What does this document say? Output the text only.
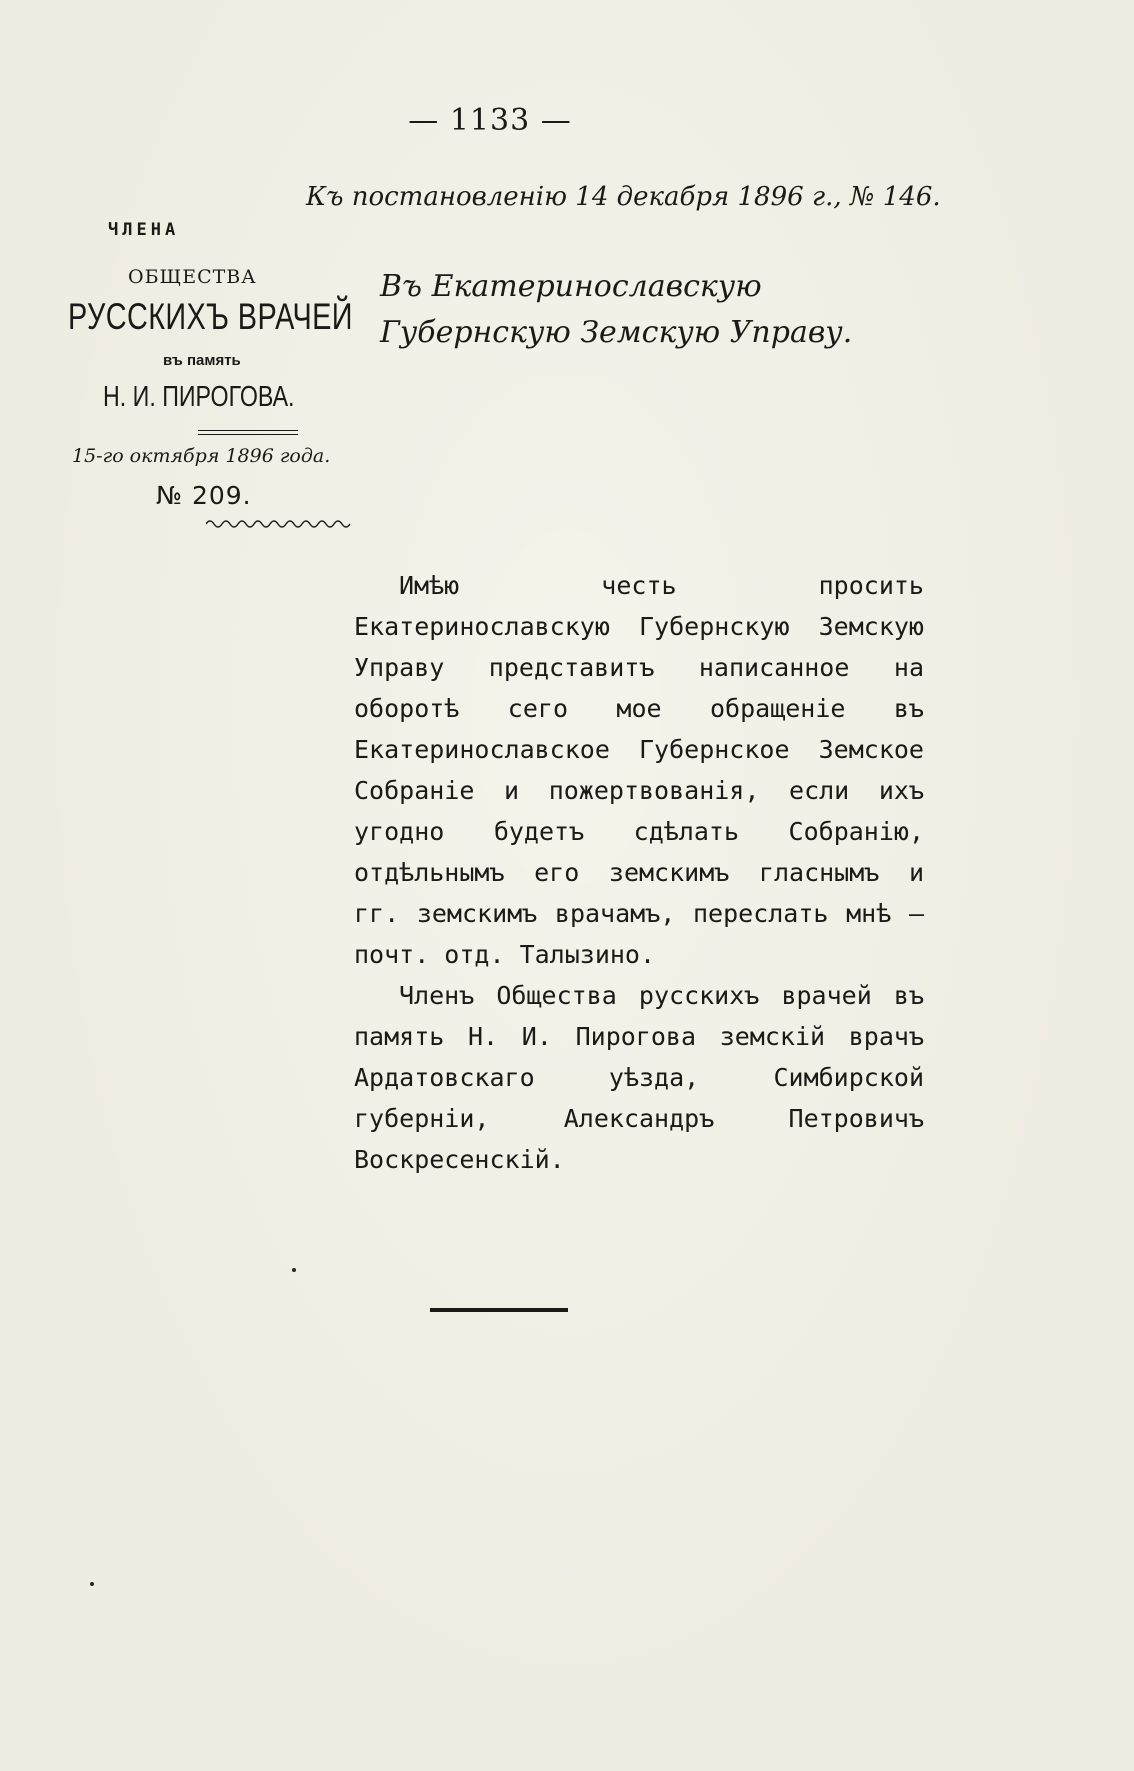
— 1133 —
Къ постановленію 14 декабря 1896 г., № 146.
ЧЛЕНА
ОБЩЕСТВА
РУССКИХЪ ВРАЧЕЙ
въ память
Н. И. ПИРОГОВА.
15-го октября 1896 года.
№ 209.
Въ Екатеринославскую Губернскую Земскую Управу.

Имѣю честь просить Екатеринославскую Губернскую Земскую Управу представитъ написанное на оборотѣ сего мое обращеніе въ Екатеринославское Губернское Земское Собраніе и пожертвованія, если ихъ угодно будетъ сдѣлать Собранію, отдѣльнымъ его земскимъ гласнымъ и гг. земскимъ врачамъ, переслать мнѣ — почт. отд. Талызино.

Членъ Общества русскихъ врачей въ память Н. И. Пирогова земскій врачъ Ардатовскаго уѣзда, Симбирской губерніи, Александръ Петровичъ Воскресенскій.
